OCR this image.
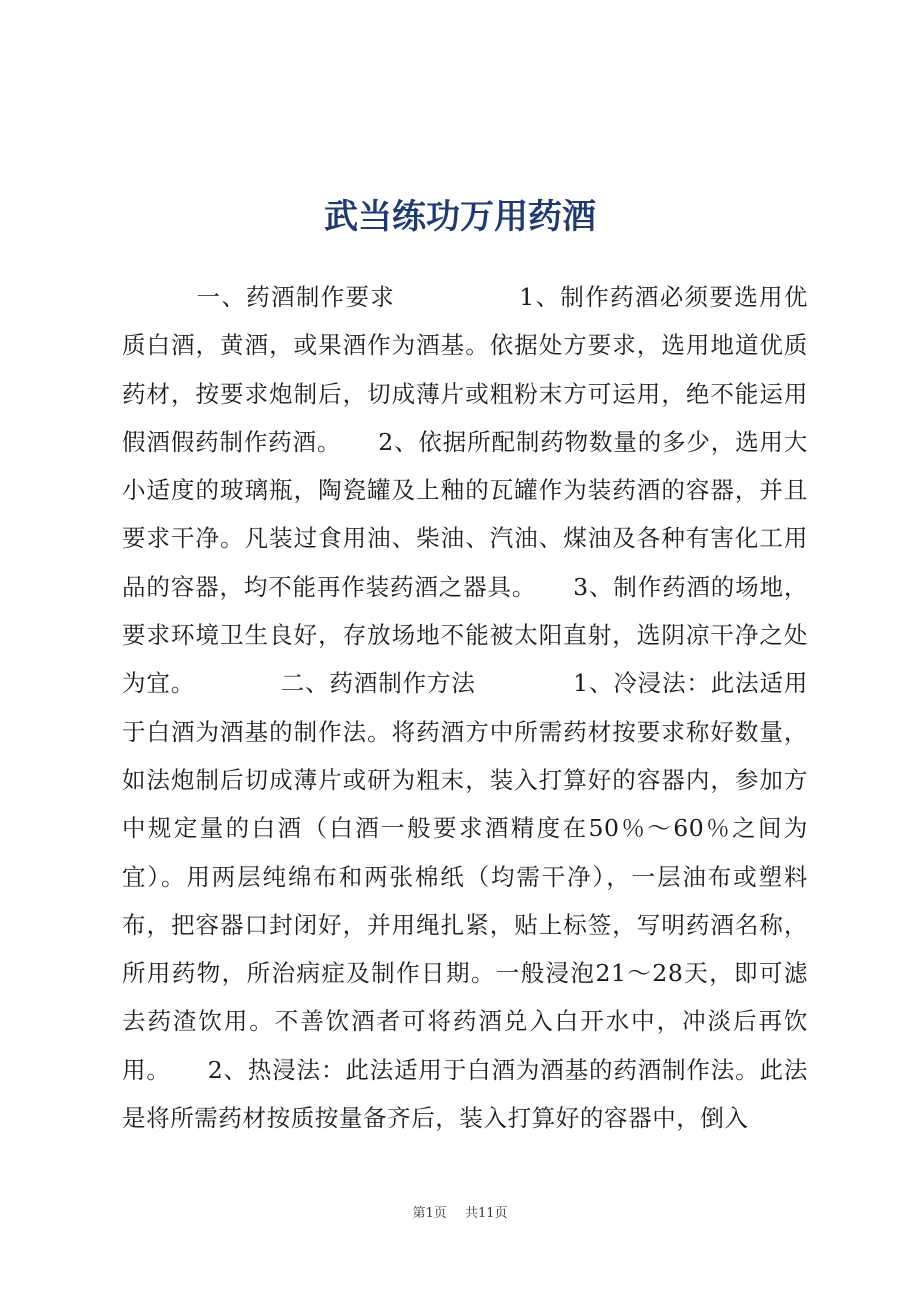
武当练功万用药酒

　　　一、药酒制作要求　　　　　1、制作药酒必须要选用优质白酒，黄酒，或果酒作为酒基。依据处方要求，选用地道优质药材，按要求炮制后，切成薄片或粗粉末方可运用，绝不能运用假酒假药制作药酒。　　2、依据所配制药物数量的多少，选用大小适度的玻璃瓶，陶瓷罐及上釉的瓦罐作为装药酒的容器，并且要求干净。凡装过食用油、柴油、汽油、煤油及各种有害化工用品的容器，均不能再作装药酒之器具。　　3、制作药酒的场地，要求环境卫生良好，存放场地不能被太阳直射，选阴凉干净之处为宜。　　　　二、药酒制作方法　　　　1、冷浸法：此法适用于白酒为酒基的制作法。将药酒方中所需药材按要求称好数量，如法炮制后切成薄片或研为粗末，装入打算好的容器内，参加方中规定量的白酒（白酒一般要求酒精度在50％～60％之间为宜）。用两层纯绵布和两张棉纸（均需干净），一层油布或塑料布，把容器口封闭好，并用绳扎紧，贴上标签，写明药酒名称，所用药物，所治病症及制作日期。一般浸泡21～28天，即可滤去药渣饮用。不善饮酒者可将药酒兑入白开水中，冲淡后再饮用。　　2、热浸法：此法适用于白酒为酒基的药酒制作法。此法是将所需药材按质按量备齐后，装入打算好的容器中，倒入

第1页 共11页
